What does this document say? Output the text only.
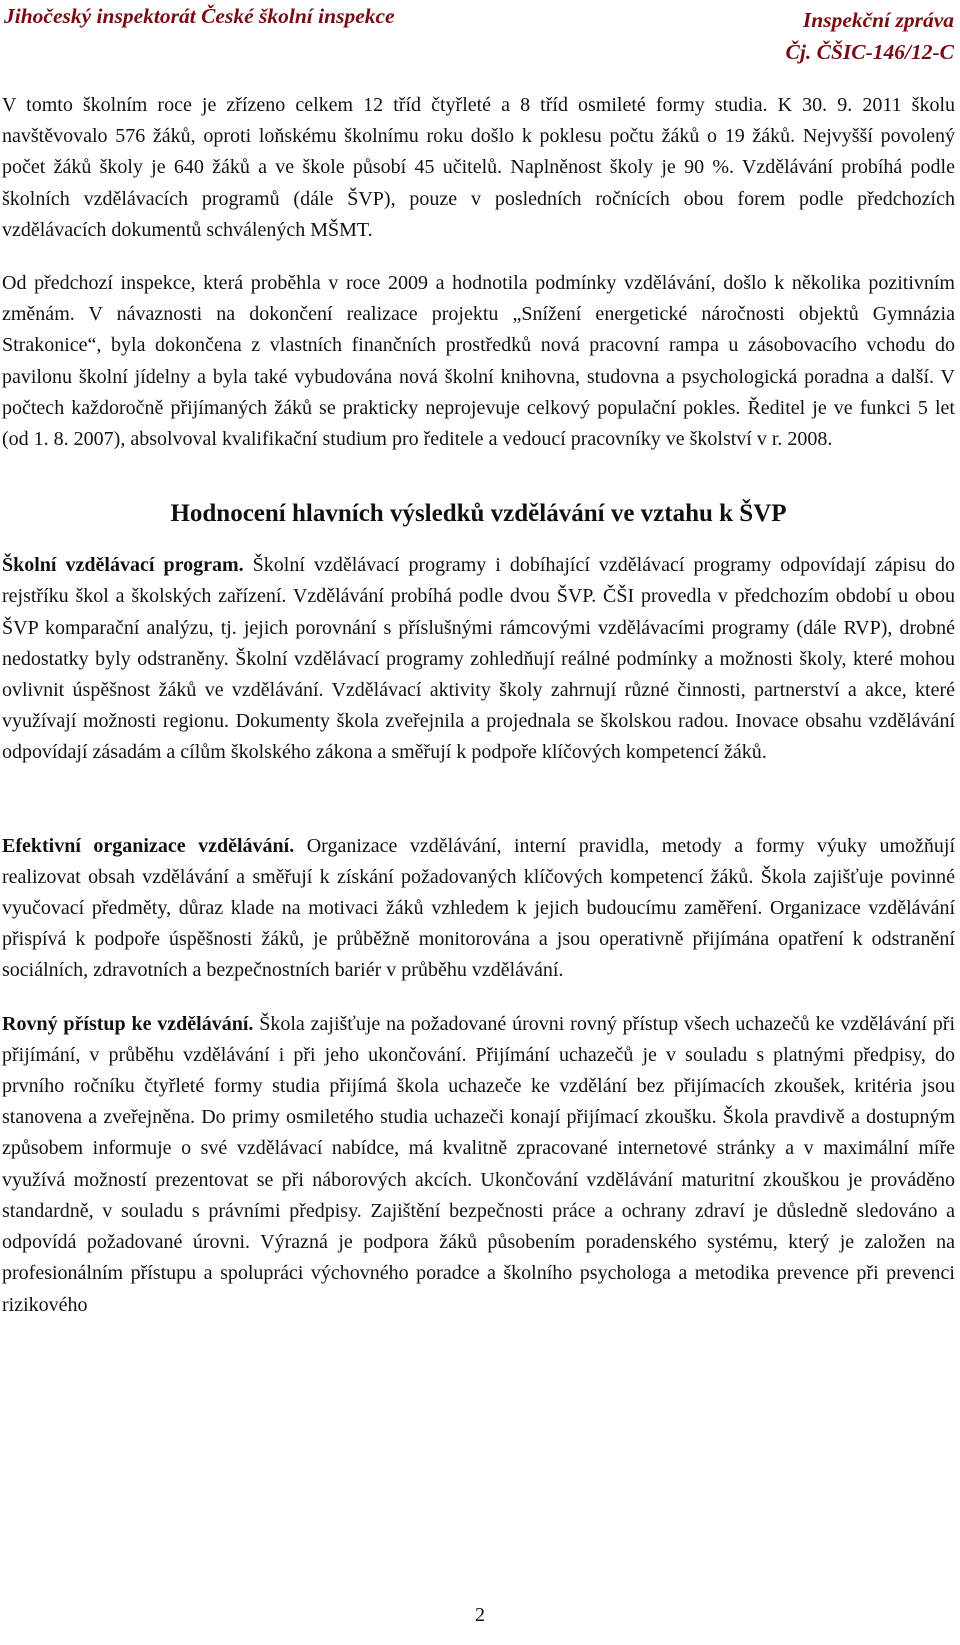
Jihočeský inspektorát České školní inspekce	Inspekční zpráva
Čj. ČŠIC-146/12-C

V tomto školním roce je zřízeno celkem 12 tříd čtyřleté a 8 tříd osmileté formy studia. K 30. 9. 2011 školu navštěvovalo 576 žáků, oproti loňskému školnímu roku došlo k poklesu počtu žáků o 19 žáků. Nejvyšší povolený počet žáků školy je 640 žáků a ve škole působí 45 učitelů. Naplněnost školy je 90 %. Vzdělávání probíhá podle školních vzdělávacích programů (dále ŠVP), pouze v posledních ročnících obou forem podle předchozích vzdělávacích dokumentů schválených MŠMT.

Od předchozí inspekce, která proběhla v roce 2009 a hodnotila podmínky vzdělávání, došlo k několika pozitivním změnám. V návaznosti na dokončení realizace projektu „Snížení energetické náročnosti objektů Gymnázia Strakonice“, byla dokončena z vlastních finančních prostředků nová pracovní rampa u zásobovacího vchodu do pavilonu školní jídelny a byla také vybudována nová školní knihovna, studovna a psychologická poradna a další. V počtech každoročně přijímaných žáků se prakticky neprojevuje celkový populační pokles. Ředitel je ve funkci 5 let (od 1. 8. 2007), absolvoval kvalifikační studium pro ředitele a vedoucí pracovníky ve školství v r. 2008.

Hodnocení hlavních výsledků vzdělávání ve vztahu k ŠVP

Školní vzdělávací program. Školní vzdělávací programy i dobíhající vzdělávací programy odpovídají zápisu do rejstříku škol a školských zařízení. Vzdělávání probíhá podle dvou ŠVP. ČŠI provedla v předchozím období u obou ŠVP komparační analýzu, tj. jejich porovnání s příslušnými rámcovými vzdělávacími programy (dále RVP), drobné nedostatky byly odstraněny. Školní vzdělávací programy zohledňují reálné podmínky a možnosti školy, které mohou ovlivnit úspěšnost žáků ve vzdělávání. Vzdělávací aktivity školy zahrnují různé činnosti, partnerství a akce, které využívají možnosti regionu. Dokumenty škola zveřejnila a projednala se školskou radou. Inovace obsahu vzdělávání odpovídají zásadám a cílům školského zákona a směřují k podpoře klíčových kompetencí žáků.

Efektivní organizace vzdělávání. Organizace vzdělávání, interní pravidla, metody a formy výuky umožňují realizovat obsah vzdělávání a směřují k získání požadovaných klíčových kompetencí žáků. Škola zajišťuje povinné vyučovací předměty, důraz klade na motivaci žáků vzhledem k jejich budoucímu zaměření. Organizace vzdělávání přispívá k podpoře úspěšnosti žáků, je průběžně monitorována a jsou operativně přijímána opatření k odstranění sociálních, zdravotních a bezpečnostních bariér v průběhu vzdělávání.

Rovný přístup ke vzdělávání. Škola zajišťuje na požadované úrovni rovný přístup všech uchazečů ke vzdělávání při přijímání, v průběhu vzdělávání i při jeho ukončování. Přijímání uchazečů je v souladu s platnými předpisy, do prvního ročníku čtyřleté formy studia přijímá škola uchazeče ke vzdělání bez přijímacích zkoušek, kritéria jsou stanovena a zveřejněna. Do primy osmiletého studia uchazeči konají přijímací zkoušku. Škola pravdivě a dostupným způsobem informuje o své vzdělávací nabídce, má kvalitně zpracované internetové stránky a v maximální míře využívá možností prezentovat se při náborových akcích. Ukončování vzdělávání maturitní zkouškou je prováděno standardně, v souladu s právními předpisy. Zajištění bezpečnosti práce a ochrany zdraví je důsledně sledováno a odpovídá požadované úrovni. Výrazná je podpora žáků působením poradenského systému, který je založen na profesionálním přístupu a spolupráci výchovného poradce a školního psychologa a metodika prevence při prevenci rizikového

2
